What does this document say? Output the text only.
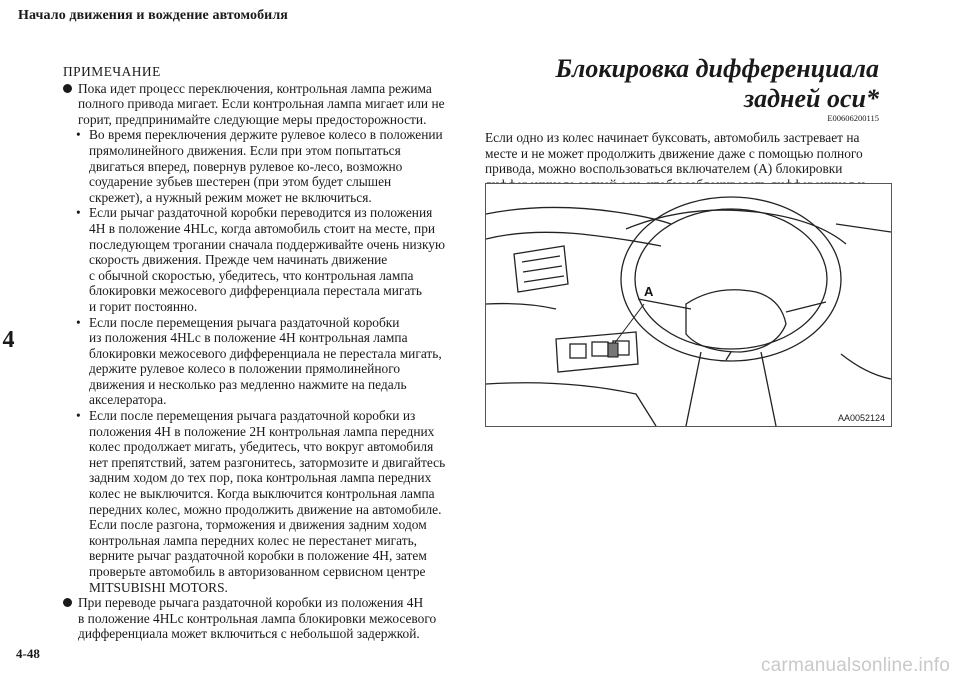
Начало движения и вождение автомобиля
4

ПРИМЕЧАНИЕ

Пока идет процесс переключения, контрольная лампа режима
полного привода мигает. Если контрольная лампа мигает или не
горит, предпринимайте следующие меры предосторожности.
• Во время переключения держите рулевое колесо в положении
прямолинейного движения. Если при этом попытаться
двигаться вперед, повернув рулевое ко-лесо, возможно
соударение зубьев шестерен (при этом будет слышен
скрежет), а нужный режим может не включиться.
• Если рычаг раздаточной коробки переводится из положения
4H в положение 4HLc, когда автомобиль стоит на месте, при
последующем трогании сначала поддерживайте очень низкую
скорость движения. Прежде чем начинать движение
с обычной скоростью, убедитесь, что контрольная лампа
блокировки межосевого дифференциала перестала мигать
и горит постоянно.
• Если после перемещения рычага раздаточной коробки
из положения 4HLc в положение 4H контрольная лампа
блокировки межосевого дифференциала не перестала мигать,
держите рулевое колесо в положении прямолинейного
движения и несколько раз медленно нажмите на педаль
акселератора.
• Если после перемещения рычага раздаточной коробки из
положения 4H в положение 2H контрольная лампа передних
колес продолжает мигать, убедитесь, что вокруг автомобиля
нет препятствий, затем разгонитесь, затормозите и двигайтесь
задним ходом до тех пор, пока контрольная лампа передних
колес не выключится. Когда выключится контрольная лампа
передних колес, можно продолжить движение на автомобиле.
Если после разгона, торможения и движения задним ходом
контрольная лампа передних колес не перестанет мигать,
верните рычаг раздаточной коробки в положение 4H, затем
проверьте автомобиль в авторизованном сервисном центре
MITSUBISHI MOTORS.
При переводе рычага раздаточной коробки из положения 4H
в положение 4HLc контрольная лампа блокировки межосевого
дифференциала может включиться с небольшой задержкой.

Блокировка дифференциала задней оси*

E00606200115

Если одно из колес начинает буксовать, автомобиль застревает на
месте и не может продолжить движение даже с помощью полного
привода, можно воспользоваться включателем (A) блокировки
A
AA0052124
4-48
carmanualsonline.info
